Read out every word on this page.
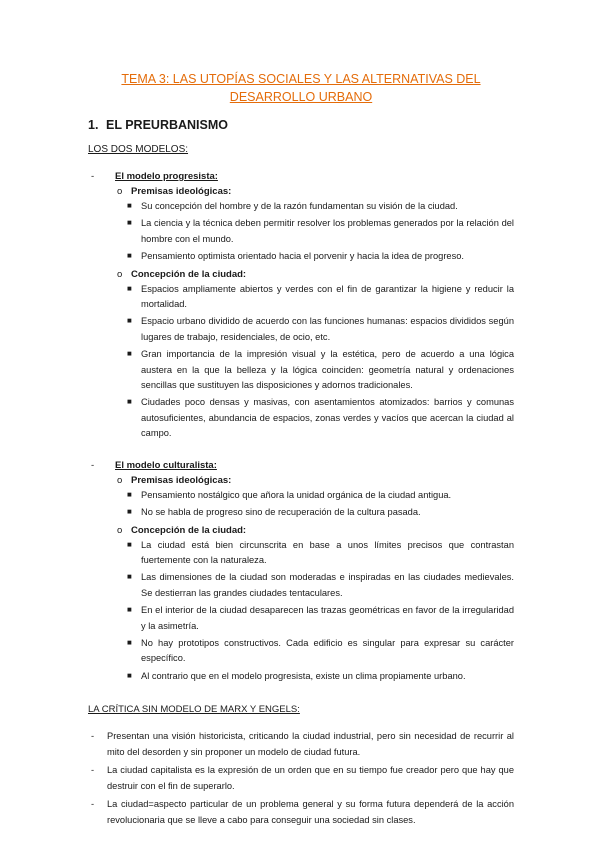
TEMA 3: LAS UTOPÍAS SOCIALES Y LAS ALTERNATIVAS DEL DESARROLLO URBANO
1. EL PREURBANISMO
LOS DOS MODELOS:
- El modelo progresista:
o Premisas ideológicas:
■ Su concepción del hombre y de la razón fundamentan su visión de la ciudad.
■ La ciencia y la técnica deben permitir resolver los problemas generados por la relación del hombre con el mundo.
■ Pensamiento optimista orientado hacia el porvenir y hacia la idea de progreso.
o Concepción de la ciudad:
■ Espacios ampliamente abiertos y verdes con el fin de garantizar la higiene y reducir la mortalidad.
■ Espacio urbano dividido de acuerdo con las funciones humanas: espacios divididos según lugares de trabajo, residenciales, de ocio, etc.
■ Gran importancia de la impresión visual y la estética, pero de acuerdo a una lógica austera en la que la belleza y la lógica coinciden: geometría natural y ordenaciones sencillas que sustituyen las disposiciones y adornos tradicionales.
■ Ciudades poco densas y masivas, con asentamientos atomizados: barrios y comunas autosuficientes, abundancia de espacios, zonas verdes y vacíos que acercan la ciudad al campo.
- El modelo culturalista:
o Premisas ideológicas:
■ Pensamiento nostálgico que añora la unidad orgánica de la ciudad antigua.
■ No se habla de progreso sino de recuperación de la cultura pasada.
o Concepción de la ciudad:
■ La ciudad está bien circunscrita en base a unos límites precisos que contrastan fuertemente con la naturaleza.
■ Las dimensiones de la ciudad son moderadas e inspiradas en las ciudades medievales. Se destierran las grandes ciudades tentaculares.
■ En el interior de la ciudad desaparecen las trazas geométricas en favor de la irregularidad y la asimetría.
■ No hay prototipos constructivos. Cada edificio es singular para expresar su carácter específico.
■ Al contrario que en el modelo progresista, existe un clima propiamente urbano.
LA CRÍTICA SIN MODELO DE MARX Y ENGELS:
- Presentan una visión historicista, criticando la ciudad industrial, pero sin necesidad de recurrir al mito del desorden y sin proponer un modelo de ciudad futura.
- La ciudad capitalista es la expresión de un orden que en su tiempo fue creador pero que hay que destruir con el fin de superarlo.
- La ciudad=aspecto particular de un problema general y su forma futura dependerá de la acción revolucionaria que se lleve a cabo para conseguir una sociedad sin clases.
